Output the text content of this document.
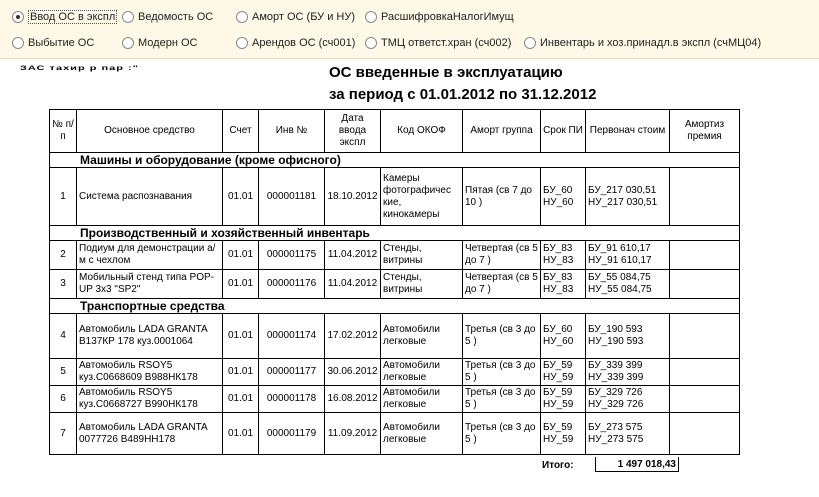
Ввод ОС в экспл Ведомость ОС	Аморт ОС (БУ и НУ) РасшифровкаНалогИмущ
Выбытие ОС	Модерн ОС	Арендов ОС (сч001) ТМЦ ответст.хран (сч002)	Инвентарь и хоз.принадл.в экспл (счМЦ04)
ЗАС тахир р пар :"	ОС введенные в эксплуатацию
за период с 01.01.2012 по 31.12.2012
№ п/п	Основное средство	Счет	Инв №	Дата ввода экспл	Код ОКОФ	Аморт группа	Срок ПИ	Первонач стоим	Амортиз премия
Машины и оборудование (кроме офисного)									
1	Система распознавания	01.01	000001181	18.10.2012	Камеры фотографичес кие, кинокамеры	Пятая (св 7 до 10 )	БУ_60 НУ_60	БУ_217 030,51 НУ_217 030,51	
Производственный и хозяйственный инвентарь									
2	Подиум для демонстрации а/м с чехлом	01.01	000001175	11.04.2012	Стенды, витрины	Четвертая (св 5 до 7 )	БУ_83 НУ_83	БУ_91 610,17 НУ_91 610,17	
3	Мобильный стенд типа POP-UP 3х3 "SP2"	01.01	000001176	11.04.2012	Стенды, витрины	Четвертая (св 5 до 7 )	БУ_83 НУ_83	БУ_55 084,75 НУ_55 084,75	
Транспортные средства									
4	Автомобиль LADA GRANTA В137КР 178 куз.0001064	01.01	000001174	17.02.2012	Автомобили легковые	Третья (св 3 до 5 )	БУ_60 НУ_60	БУ_190 593 НУ_190 593	
5	Автомобиль RSOY5 куз.С0668609 В988НК178	01.01	000001177	30.06.2012	Автомобили легковые	Третья (св 3 до 5 )	БУ_59 НУ_59	БУ_339 399 НУ_339 399	
6	Автомобиль RSOY5 куз.С0668727 В990НК178	01.01	000001178	16.08.2012	Автомобили легковые	Третья (св 3 до 5 )	БУ_59 НУ_59	БУ_329 726 НУ_329 726	
7	Автомобиль LADA GRANTA 0077726 В489НН178	01.01	000001179	11.09.2012	Автомобили легковые	Третья (св 3 до 5 )	БУ_59 НУ_59	БУ_273 575 НУ_273 575	
Итого:	1 497 018,43
